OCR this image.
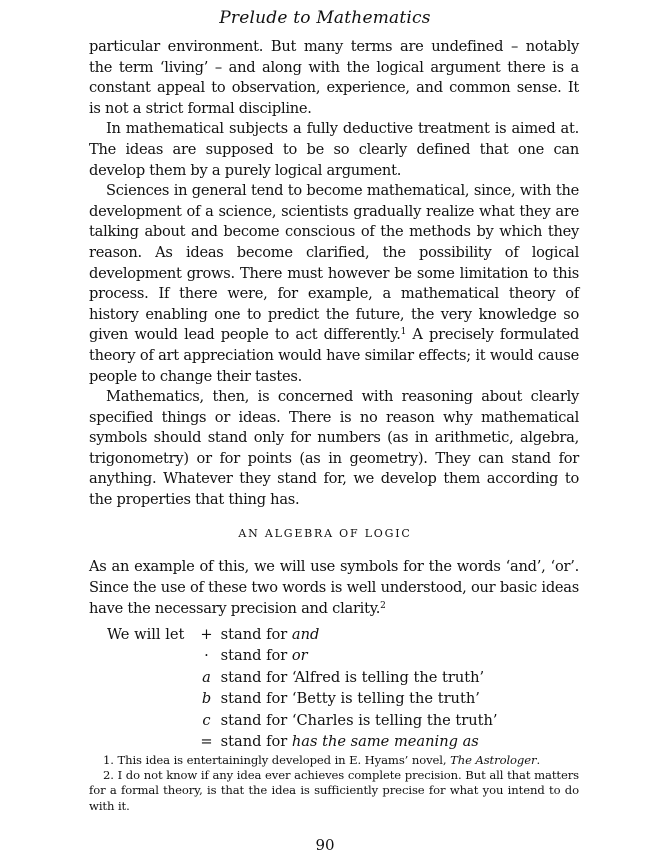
Prelude to Mathematics

particular environment. But many terms are undefined – notably the term ‘living’ – and along with the logical argument there is a constant appeal to observation, experience, and common sense. It is not a strict formal discipline.

In mathematical subjects a fully deductive treatment is aimed at. The ideas are supposed to be so clearly defined that one can develop them by a purely logical argument.

Sciences in general tend to become mathematical, since, with the development of a science, scientists gradually realize what they are talking about and become conscious of the methods by which they reason. As ideas become clarified, the possibility of logical development grows. There must however be some limitation to this process. If there were, for example, a mathematical theory of history enabling one to predict the future, the very knowledge so given would lead people to act differently.$^1$ A precisely formulated theory of art appreciation would have similar effects; it would cause people to change their tastes.

Mathematics, then, is concerned with reasoning about clearly specified things or ideas. There is no reason why mathematical symbols should stand only for numbers (as in arithmetic, algebra, trigonometry) or for points (as in geometry). They can stand for anything. Whatever they stand for, we develop them according to the properties that thing has.

AN ALGEBRA OF LOGIC

As an example of this, we will use symbols for the words ‘and’, ‘or’. Since the use of these two words is well understood, our basic ideas have the necessary precision and clarity.$^2$

We will let + stand for and
· stand for or
a stand for ‘Alfred is telling the truth’
b stand for ‘Betty is telling the truth’
c stand for ‘Charles is telling the truth’
= stand for has the same meaning as

1. This idea is entertainingly developed in E. Hyams’ novel, The Astrologer.

2. I do not know if any idea ever achieves complete precision. But all that matters for a formal theory, is that the idea is sufficiently precise for what you intend to do with it.

90
